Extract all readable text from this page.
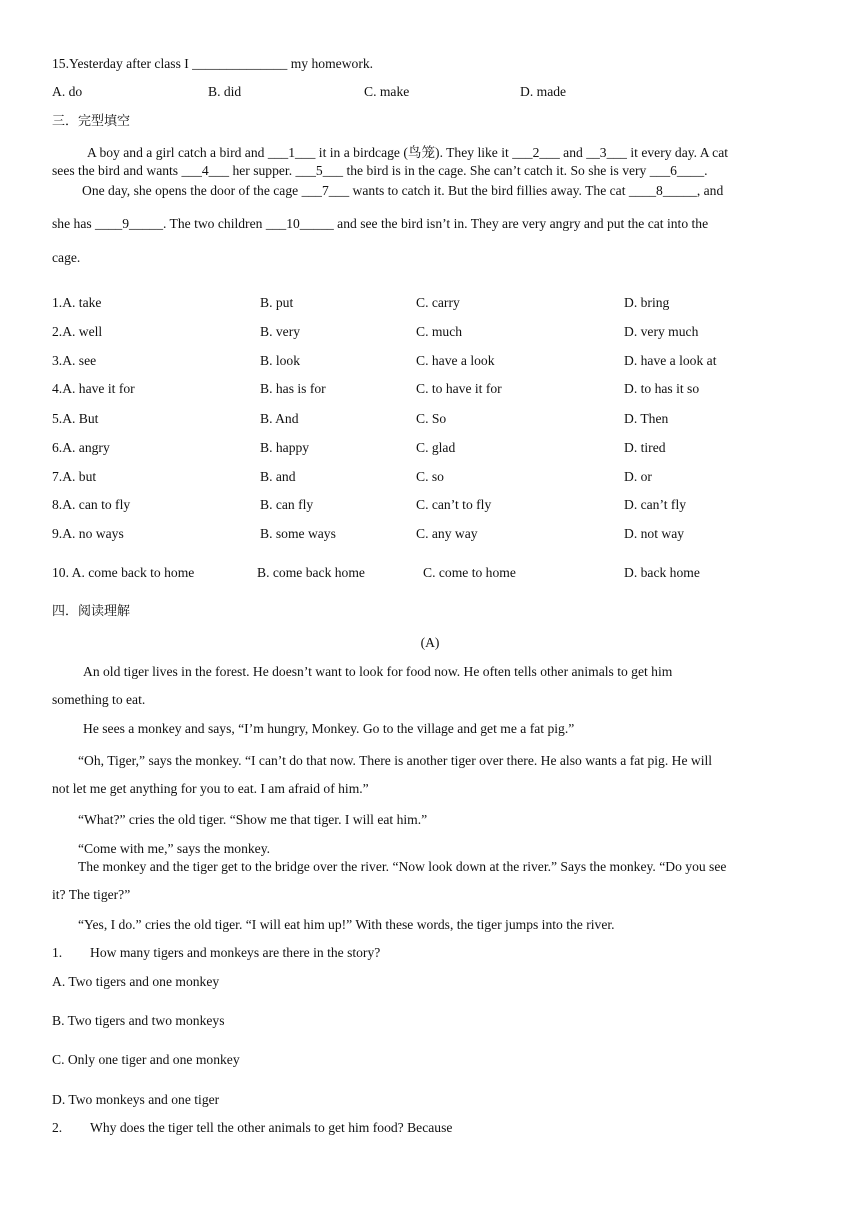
15.Yesterday after class I ______________ my homework.
A. do	B. did	C. make	D. made
三．完型填空
A boy and a girl catch a bird and ___1___ it in a birdcage (鸟笼). They like it ___2___ and __3___ it every day. A cat
sees the bird and wants ___4___ her supper. ___5___ the bird is in the cage. She can’t catch it. So she is very ___6____.
One day, she opens the door of the cage ___7___ wants to catch it. But the bird fillies away. The cat ____8_____, and
she has ____9_____. The two children ___10_____ and see the bird isn’t in. They are very angry and put the cat into the
cage.
1.A. take	B. put	C. carry	D. bring
2.A. well	B. very	C. much	D. very much
3.A. see	B. look	C. have a look	D. have a look at
4.A. have it for	B. has is for	C. to have it for	D. to has it so
5.A. But	B. And	C. So	D. Then
6.A. angry	B. happy	C. glad	D. tired
7.A. but	B. and	C. so	D. or
8.A. can to fly	B. can fly	C. can’t to fly	D. can’t fly
9.A. no ways	B. some ways	C. any way	D. not way
10. A. come back to home	B. come back home	C. come to home	D. back home
四．阅读理解
(A)
An old tiger lives in the forest. He doesn’t want to look for food now. He often tells other animals to get him
something to eat.
He sees a monkey and says, “I’m hungry, Monkey. Go to the village and get me a fat pig.”
“Oh, Tiger,” says the monkey. “I can’t do that now. There is another tiger over there. He also wants a fat pig. He will
not let me get anything for you to eat. I am afraid of him.”
“What?” cries the old tiger. “Show me that tiger. I will eat him.”
“Come with me,” says the monkey.
The monkey and the tiger get to the bridge over the river. “Now look down at the river.” Says the monkey. “Do you see
it? The tiger?”
“Yes, I do.” cries the old tiger. “I will eat him up!” With these words, the tiger jumps into the river.
1. How many tigers and monkeys are there in the story?
A. Two tigers and one monkey
B. Two tigers and two monkeys
C. Only one tiger and one monkey
D. Two monkeys and one tiger
2. Why does the tiger tell the other animals to get him food? Because
